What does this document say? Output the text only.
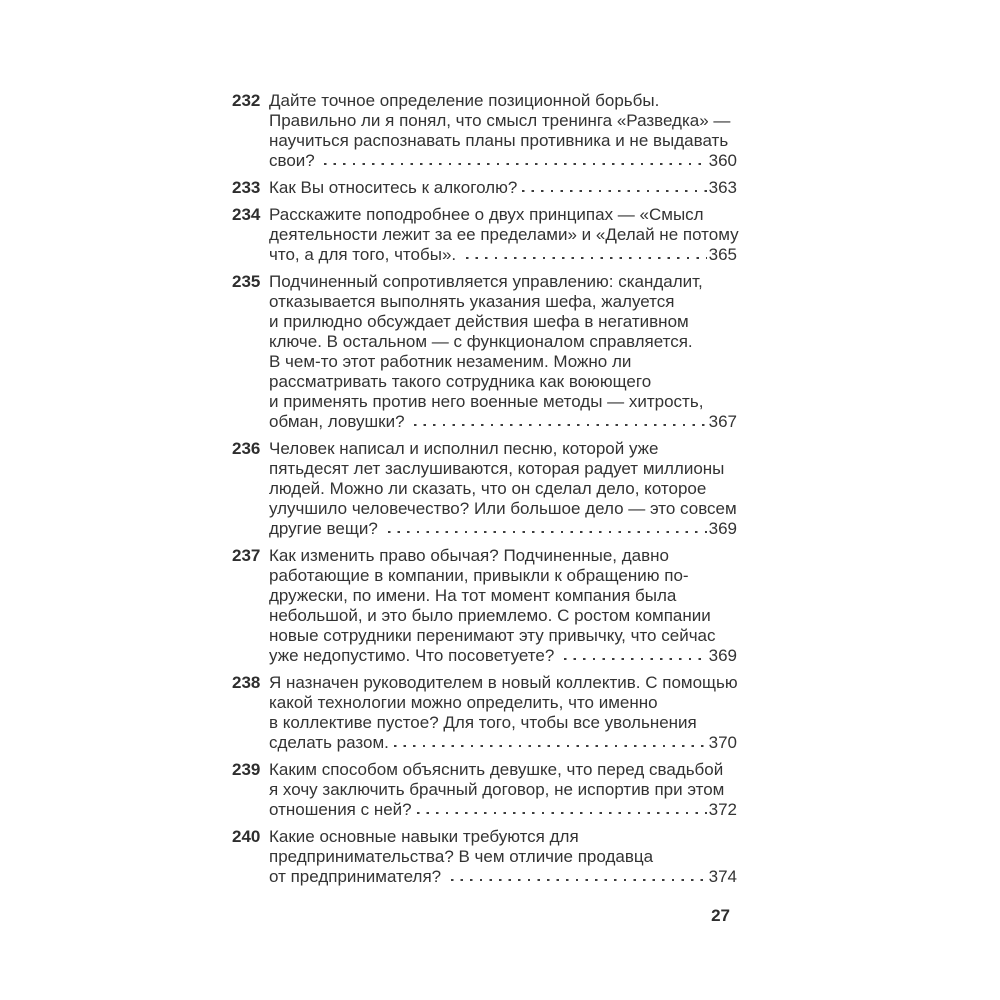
232 Дайте точное определение позиционной борьбы.
Правильно ли я понял, что смысл тренинга «Разведка» —
научиться распознавать планы противника и не выдавать
свои?	360
233 Как Вы относитесь к алкоголю?	363
234 Расскажите поподробнее о двух принципах — «Смысл
деятельности лежит за ее пределами» и «Делай не потому
что, а для того, чтобы».	365
235 Подчиненный сопротивляется управлению: скандалит,
отказывается выполнять указания шефа, жалуется
и прилюдно обсуждает действия шефа в негативном
ключе. В остальном — с функционалом справляется.
В чем-то этот работник незаменим. Можно ли
рассматривать такого сотрудника как воюющего
и применять против него военные методы — хитрость,
обман, ловушки?	367
236 Человек написал и исполнил песню, которой уже
пятьдесят лет заслушиваются, которая радует миллионы
людей. Можно ли сказать, что он сделал дело, которое
улучшило человечество? Или большое дело — это совсем
другие вещи?	369
237 Как изменить право обычая? Подчиненные, давно
работающие в компании, привыкли к обращению по-
дружески, по имени. На тот момент компания была
небольшой, и это было приемлемо. С ростом компании
новые сотрудники перенимают эту привычку, что сейчас
уже недопустимо. Что посоветуете?	369
238 Я назначен руководителем в новый коллектив. С помощью
какой технологии можно определить, что именно
в коллективе пустое? Для того, чтобы все увольнения
сделать разом.	370
239 Каким способом объяснить девушке, что перед свадьбой
я хочу заключить брачный договор, не испортив при этом
отношения с ней?	372
240 Какие основные навыки требуются для
предпринимательства? В чем отличие продавца
от предпринимателя?	374
27
